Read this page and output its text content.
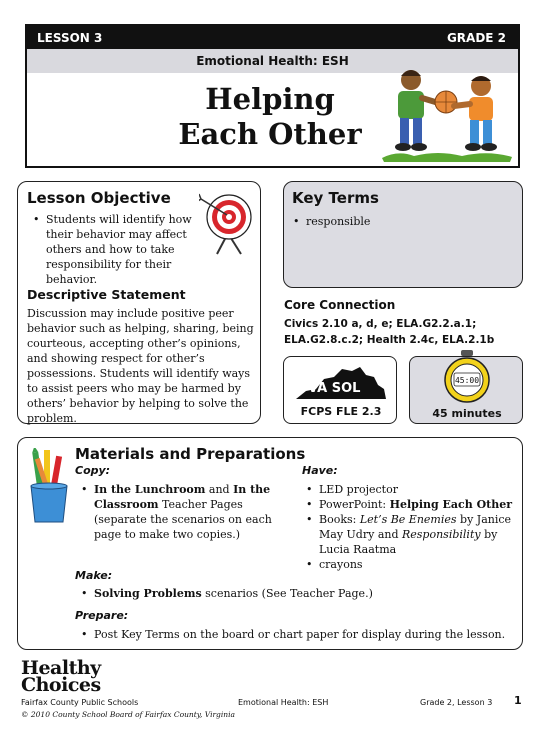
LESSON 3	GRADE 2
Emotional Health: ESH
Helping
Each Other
Lesson Objective
• Students will identify how their behavior may affect others and how to take responsibility for their behavior.
Descriptive Statement
Discussion may include positive peer behavior such as helping, sharing, being courteous, accepting other’s opinions, and showing respect for other’s possessions. Students will identify ways to assist peers who may be harmed by others’ behavior by helping to solve the problem.
Key Terms
• responsible
Core Connection
Civics 2.10 a, d, e; ELA.G2.2.a.1;
ELA.G2.8.c.2; Health 2.4c, ELA.2.1b
VA SOL
FCPS FLE 2.3
45:00
45 minutes
Materials and Preparations
Copy:
• In the Lunchroom and In the Classroom Teacher Pages (separate the scenarios on each page to make two copies.)
Have:
• LED projector
• PowerPoint: Helping Each Other
• Books: Let’s Be Enemies by Janice May Udry and Responsibility by Lucia Raatma
• crayons
Make:
• Solving Problems scenarios (See Teacher Page.)
Prepare:
• Post Key Terms on the board or chart paper for display during the lesson.
Healthy
Choices
Fairfax County Public Schools
© 2010 County School Board of Fairfax County, Virginia
Emotional Health: ESH	Grade 2, Lesson 3 1
